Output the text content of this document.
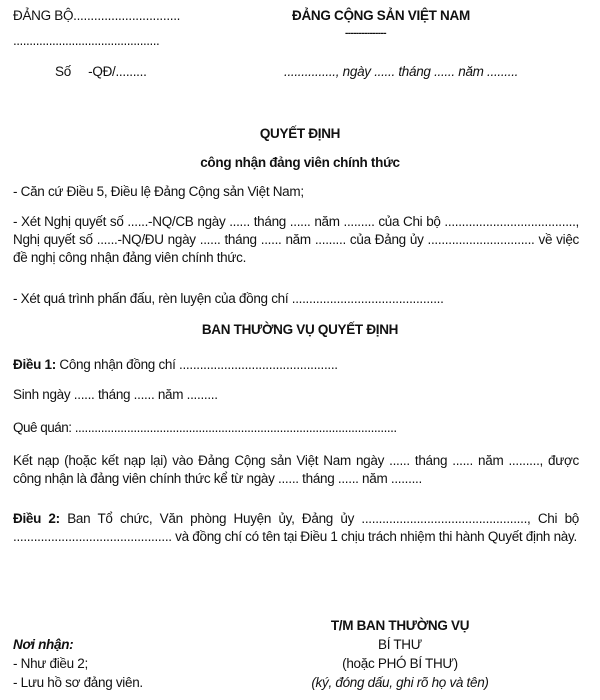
ĐẢNG BỘ...............................
.............................................
Số     -QĐ/.........
ĐẢNG CỘNG SẢN VIỆT NAM
---------------
..............., ngày ...... tháng ...... năm .........
QUYẾT ĐỊNH
công nhận đảng viên chính thức
- Căn cứ Điều 5, Điều lệ Đảng Cộng sản Việt Nam;
- Xét Nghị quyết số ......-NQ/CB ngày ...... tháng ...... năm ......... của Chi bộ ......................................, Nghị quyết số ......-NQ/ĐU ngày ...... tháng ...... năm ......... của Đảng ủy ............................... về việc đề nghị công nhận đảng viên chính thức.
- Xét quá trình phấn đấu, rèn luyện của đồng chí ............................................
BAN THƯỜNG VỤ QUYẾT ĐỊNH
Điều 1: Công nhận đồng chí ..............................................
Sinh ngày ...... tháng ...... năm .........
Quê quán: ...................................................................................................
Kết nạp (hoặc kết nạp lại) vào Đảng Cộng sản Việt Nam ngày ...... tháng ...... năm ........., được công nhận là đảng viên chính thức kể từ ngày ...... tháng ...... năm .........
Điều 2: Ban Tổ chức, Văn phòng Huyện ủy, Đảng ủy ................................................, Chi bộ .............................................. và đồng chí có tên tại Điều 1 chịu trách nhiệm thi hành Quyết định này.
Nơi nhận:
- Như điều 2;
- Lưu hồ sơ đảng viên.
T/M BAN THƯỜNG VỤ
BÍ THƯ
(hoặc PHÓ BÍ THƯ)
(ký, đóng dấu, ghi rõ họ và tên)
